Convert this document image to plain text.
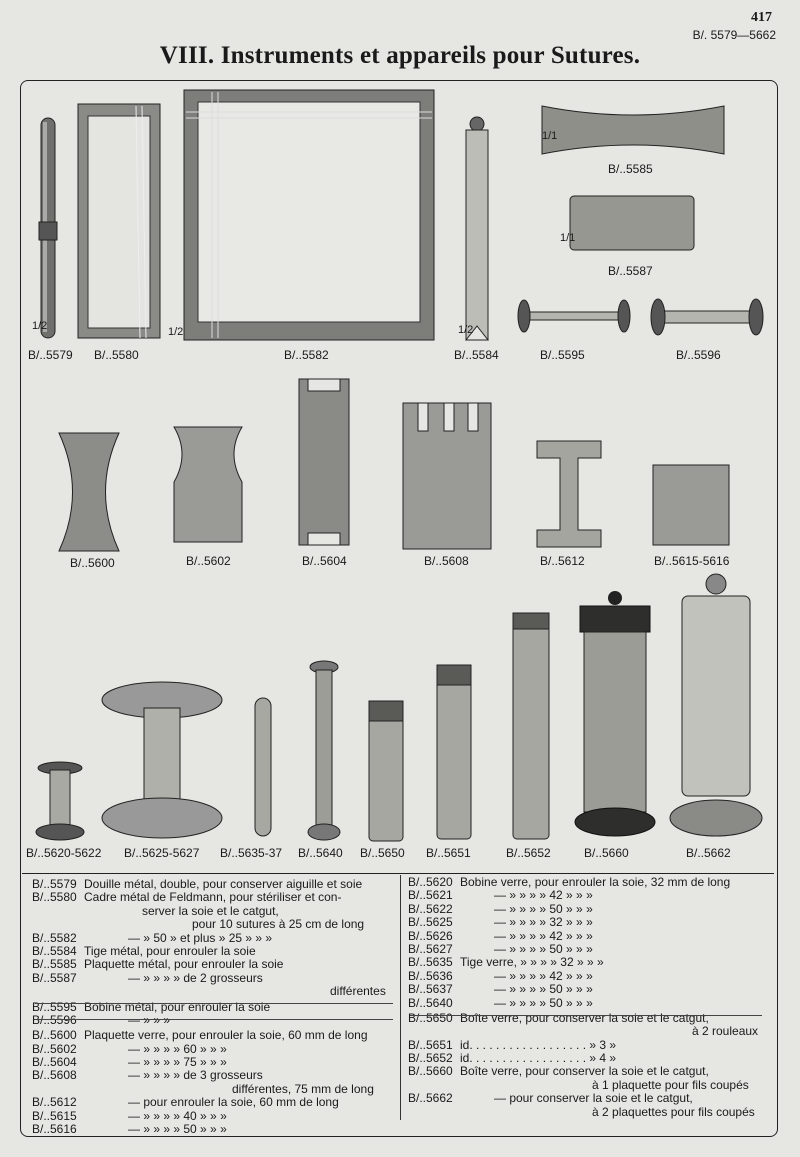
417
B/. 5579—5662
VIII. Instruments et appareils pour Sutures.
1/2	1/2
1/1
1/1
1/2
B/..5579 B/..5580	B/..5582	B/..5584
B/..5585
B/..5587
B/..5595	B/..5596
B/..5600	B/..5602	B/..5604	B/..5608	B/..5612	B/..5615-5616
B/..5620-5622 B/..5625-5627 B/..5635-37 B/..5640 B/..5650 B/..5651	B/..5652	B/..5660	B/..5662
B/..5579 Douille métal, double, pour conserver aiguille et soie
B/..5580 Cadre métal de Feldmann, pour stériliser et con-
server la soie et le catgut,
pour 10 sutures à 25 cm de long
B/..5582	— » 50 » et plus » 25 » » »
B/..5584 Tige métal, pour enrouler la soie
B/..5585 Plaquette métal, pour enrouler la soie
B/..5587	— » » » » de 2 grosseurs
différentes
B/..5595 Bobine métal, pour enrouler la soie
B/..5596	— » » »
B/..5600 Plaquette verre, pour enrouler la soie, 60 mm de long
B/..5602	— » » » » 60 » » »
B/..5604	— » » » » 75 » » »
B/..5608	— » » » » de 3 grosseurs
différentes, 75 mm de long
B/..5612	— pour enrouler la soie, 60 mm de long
B/..5615	— » » » » 40 » » »
B/..5616	— » » » » 50 » » »
B/..5620 Bobine verre, pour enrouler la soie, 32 mm de long
B/..5621	— » » » » 42 » » »
B/..5622	— » » » » 50 » » »
B/..5625	— » » » » 32 » » »
B/..5626	— » » » » 42 » » »
B/..5627	— » » » » 50 » » »
B/..5635 Tige verre, » » » » 32 » » »
B/..5636	— » » » » 42 » » »
B/..5637	— » » » » 50 » » »
B/..5640	— » » » » 50 » » »
B/..5650 Boîte verre, pour conserver la soie et le catgut,
à 2 rouleaux
B/..5651 id. . . . . . . . . . . . . . . . . . » 3 »
B/..5652 id. . . . . . . . . . . . . . . . . . » 4 »
B/..5660 Boîte verre, pour conserver la soie et le catgut,
à 1 plaquette pour fils coupés
B/..5662	— pour conserver la soie et le catgut,
à 2 plaquettes pour fils coupés
